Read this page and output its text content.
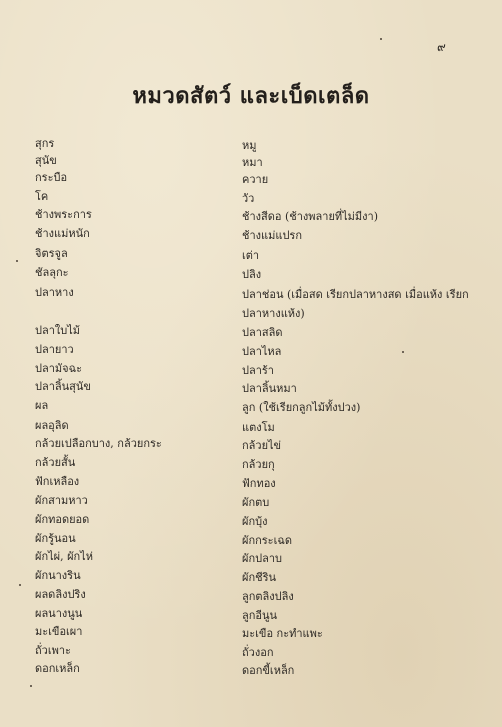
๙
หมวดสัตว์ และเบ็ดเตล็ด
สุกร	หมู
สุนัข	หมา
กระบือ	ควาย
โค	วัว
ช้างพระการ	ช้างสีดอ (ช้างพลายที่ไม่มีงา)
ช้างแม่หนัก	ช้างแม่แปรก
จิตรจูล	เต่า
ชัลลุกะ	ปลิง
ปลาหาง	ปลาช่อน (เมื่อสด เรียกปลาหางสด เมื่อแห้ง เรียกปลาหางแห้ง)
ปลาใบไม้	ปลาสลิด
ปลายาว	ปลาไหล
ปลามัจฉะ	ปลาร้า
ปลาลิ้นสุนัข	ปลาลิ้นหมา
ผล	ลูก (ใช้เรียกลูกไม้ทั้งปวง)
ผลอุลิด	แตงโม
กล้วยเปลือกบาง, กล้วยกระ	กล้วยไข่
กล้วยสั้น	กล้วยกุ
ฟักเหลือง	ฟักทอง
ผักสามหาว	ผักตบ
ผักทอดยอด	ผักบุ้ง
ผักรู้นอน	ผักกระเฉด
ผักไผ่, ผักไห่	ผักปลาบ
ผักนางริน	ผักชีริน
ผลดลิงปริง	ลูกตลิงปลิง
ผลนางนูน	ลูกอีนูน
มะเขือเผา	มะเขือ กะทำแพะ
ถั่วเพาะ	ถั่วงอก
ดอกเหล็ก	ดอกขี้เหล็ก
